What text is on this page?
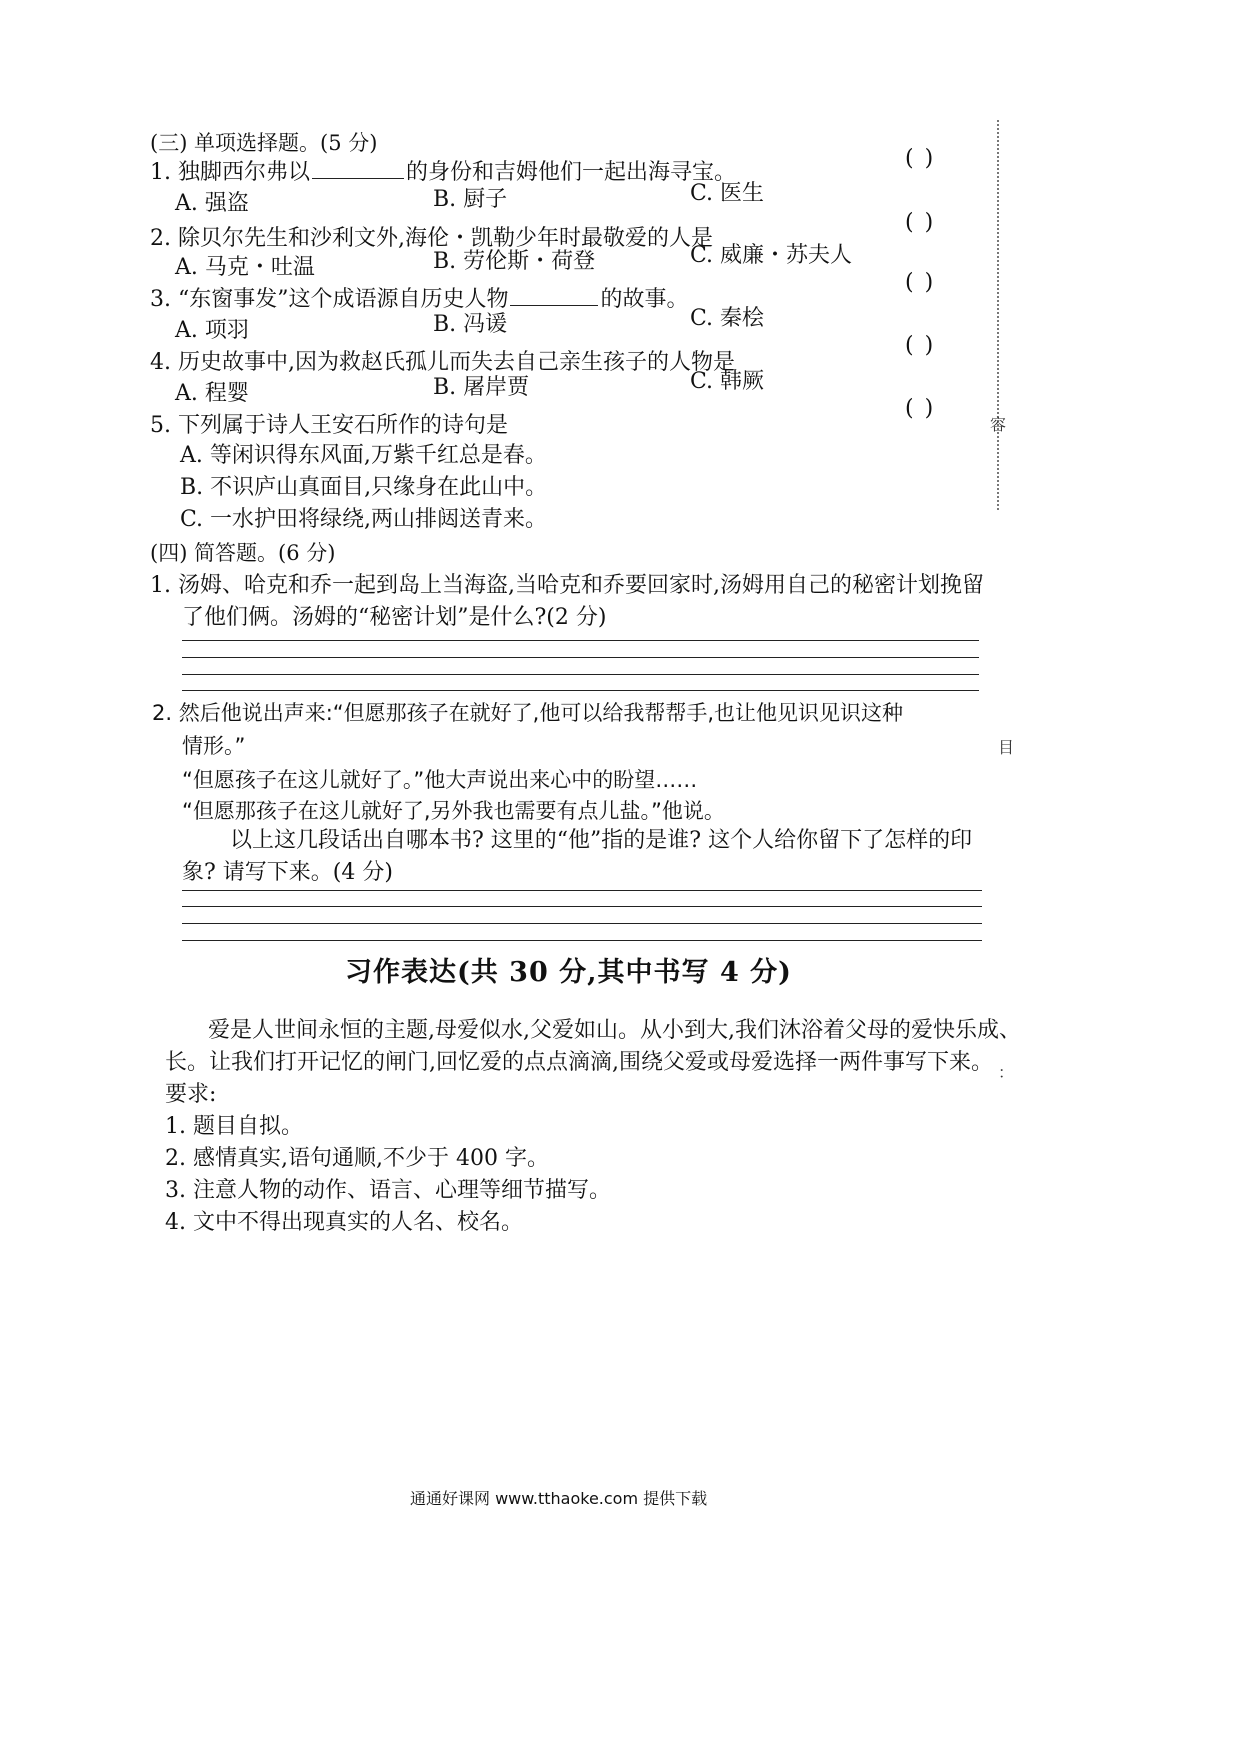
(三) 单项选择题。(5 分)
1. 独脚西尔弗以	的身份和吉姆他们一起出海寻宝。
( )
A. 强盗	B. 厨子	C. 医生
2. 除贝尔先生和沙利文外,海伦・凯勒少年时最敬爱的人是
( )
A. 马克・吐温	B. 劳伦斯・荷登	C. 威廉・苏夫人
3. “东窗事发”这个成语源自历史人物	的故事。
( )
A. 项羽	B. 冯谖	C. 秦桧
4. 历史故事中,因为救赵氏孤儿而失去自己亲生孩子的人物是
( )
A. 程婴	B. 屠岸贾	C. 韩厥
5. 下列属于诗人王安石所作的诗句是
( )
A. 等闲识得东风面,万紫千红总是春。
B. 不识庐山真面目,只缘身在此山中。
C. 一水护田将绿绕,两山排闼送青来。
(四) 简答题。(6 分)
1. 汤姆、哈克和乔一起到岛上当海盗,当哈克和乔要回家时,汤姆用自己的秘密计划挽留
了他们俩。汤姆的“秘密计划”是什么?(2 分)
2. 然后他说出声来:“但愿那孩子在就好了,他可以给我帮帮手,也让他见识见识这种
情形。”
“但愿孩子在这儿就好了。”他大声说出来心中的盼望……
“但愿那孩子在这儿就好了,另外我也需要有点儿盐。”他说。
以上这几段话出自哪本书? 这里的“他”指的是谁? 这个人给你留下了怎样的印
象? 请写下来。(4 分)
习作表达(共 30 分,其中书写 4 分)
爱是人世间永恒的主题,母爱似水,父爱如山。从小到大,我们沐浴着父母的爱快乐成、
长。让我们打开记忆的闸门,回忆爱的点点滴滴,围绕父爱或母爱选择一两件事写下来。
要求:
1. 题目自拟。
2. 感情真实,语句通顺,不少于 400 字。
3. 注意人物的动作、语言、心理等细节描写。
4. 文中不得出现真实的人名、校名。
通通好课网 www.tthaoke.com 提供下载
容
目
：
